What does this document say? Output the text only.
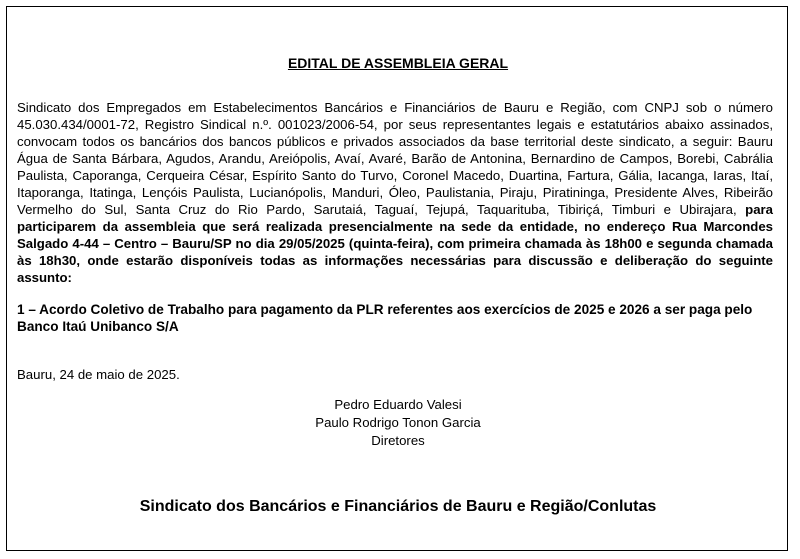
EDITAL DE ASSEMBLEIA GERAL
Sindicato dos Empregados em Estabelecimentos Bancários e Financiários de Bauru e Região, com CNPJ sob o número 45.030.434/0001-72, Registro Sindical n.º. 001023/2006-54, por seus representantes legais e estatutários abaixo assinados, convocam todos os bancários dos bancos públicos e privados associados da base territorial deste sindicato, a seguir: Bauru Água de Santa Bárbara, Agudos, Arandu, Areiópolis, Avaí, Avaré, Barão de Antonina, Bernardino de Campos, Borebi, Cabrália Paulista, Caporanga, Cerqueira César, Espírito Santo do Turvo, Coronel Macedo, Duartina, Fartura, Gália, Iacanga, Iaras, Itaí, Itaporanga, Itatinga, Lençóis Paulista, Lucianópolis, Manduri, Óleo, Paulistania, Piraju, Piratininga, Presidente Alves, Ribeirão Vermelho do Sul, Santa Cruz do Rio Pardo, Sarutaiá, Taguaí, Tejupá, Taquarituba, Tibiriçá, Timburi e Ubirajara, para participarem da assembleia que será realizada presencialmente na sede da entidade, no endereço Rua Marcondes Salgado 4-44 – Centro – Bauru/SP no dia 29/05/2025 (quinta-feira), com primeira chamada às 18h00 e segunda chamada às 18h30, onde estarão disponíveis todas as informações necessárias para discussão e deliberação do seguinte assunto:
1 – Acordo Coletivo de Trabalho para pagamento da PLR referentes aos exercícios de 2025 e 2026 a ser paga pelo Banco Itaú Unibanco S/A
Bauru, 24 de maio de 2025.
Pedro Eduardo Valesi
Paulo Rodrigo Tonon Garcia
Diretores
Sindicato dos Bancários e Financiários de Bauru e Região/Conlutas
